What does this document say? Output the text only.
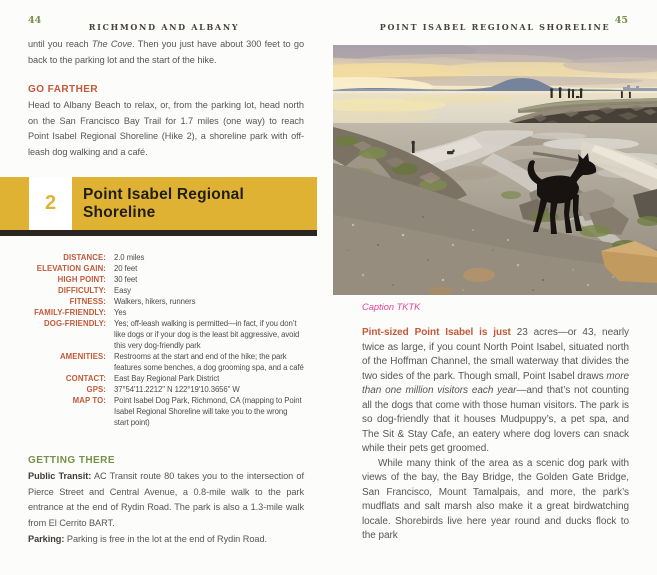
44
RICHMOND AND ALBANY
until you reach The Cove. Then you just have about 300 feet to go back to the parking lot and the start of the hike.
GO FARTHER
Head to Albany Beach to relax, or, from the parking lot, head north on the San Francisco Bay Trail for 1.7 miles (one way) to reach Point Isabel Regional Shoreline (Hike 2), a shoreline park with off-leash dog walking and a café.
2	Point Isabel Regional Shoreline
DISTANCE: 2.0 miles
ELEVATION GAIN: 20 feet
HIGH POINT: 30 feet
DIFFICULTY: Easy
FITNESS: Walkers, hikers, runners
FAMILY-FRIENDLY: Yes
DOG-FRIENDLY: Yes; off-leash walking is permitted—in fact, if you don’t like dogs or if your dog is the least bit aggressive, avoid this very dog-friendly park
AMENITIES: Restrooms at the start and end of the hike; the park features some benches, a dog grooming spa, and a café
CONTACT: East Bay Regional Park District
GPS: 37°54'11.2212" N 122°19'10.3656" W
MAP TO: Point Isabel Dog Park, Richmond, CA (mapping to Point Isabel Regional Shoreline will take you to the wrong start point)
GETTING THERE

Public Transit: AC Transit route 80 takes you to the intersection of Pierce Street and Central Avenue, a 0.8-mile walk to the park entrance at the end of Rydin Road. The park is also a 1.3-mile walk from El Cerrito BART.

Parking: Parking is free in the lot at the end of Rydin Road.

POINT ISABEL REGIONAL SHORELINE
45
Caption TKTK

Pint-sized Point Isabel is just 23 acres—or 43, nearly twice as large, if you count North Point Isabel, situated north of the Hoffman Channel, the small waterway that divides the two sides of the park. Though small, Point Isabel draws more than one million visitors each year—and that’s not counting all the dogs that come with those human visitors. The park is so dog-friendly that it houses Mudpuppy’s, a pet spa, and The Sit & Stay Cafe, an eatery where dog lovers can snack while their pets get groomed.

While many think of the area as a scenic dog park with views of the bay, the Bay Bridge, the Golden Gate Bridge, San Francisco, Mount Tamalpais, and more, the park’s mudflats and salt marsh also make it a great birdwatching locale. Shorebirds live here year round and ducks flock to the park
